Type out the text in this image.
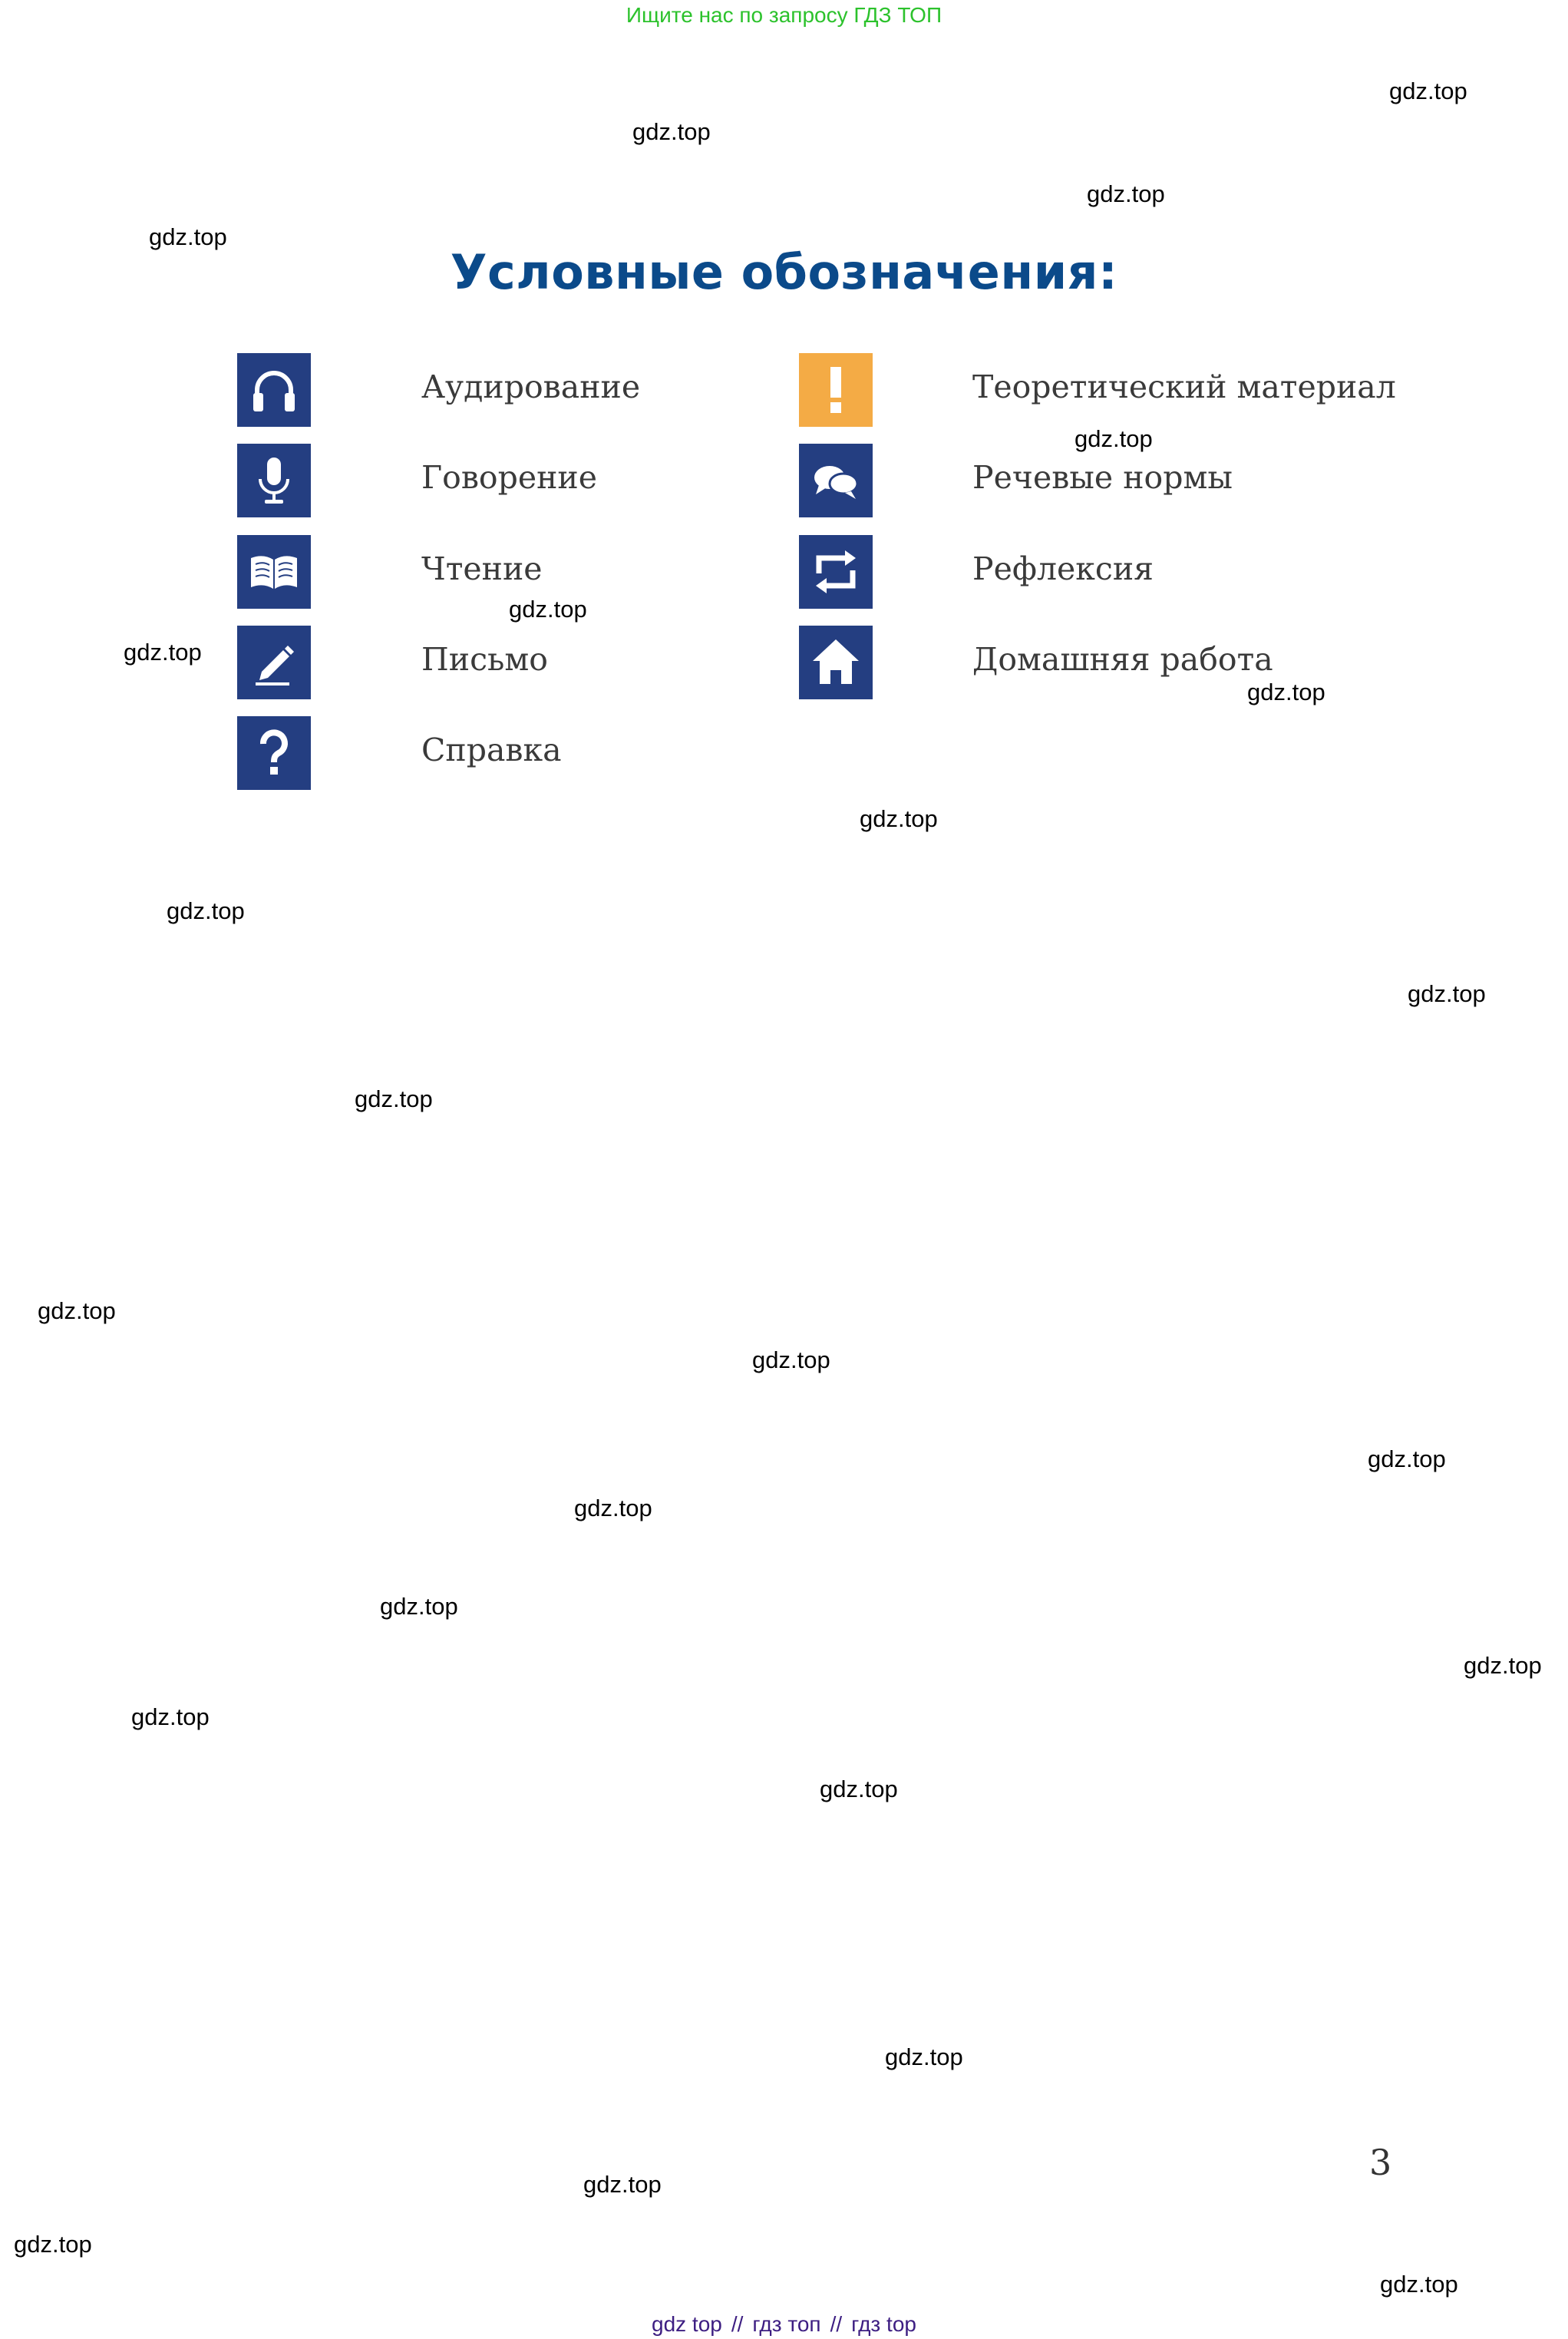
Ищите нас по запросу ГДЗ ТОП
Условные обозначения:
Аудирование
Говорение
Чтение
Письмо
Справка
Теоретический материал
Речевые нормы
Рефлексия
Домашняя работа
gdz.top
gdz.top
gdz.top
gdz.top
gdz.top
gdz.top
gdz.top
gdz.top
gdz.top
gdz.top
gdz.top
gdz.top
gdz.top
gdz.top
gdz.top
gdz.top
gdz.top
gdz.top
gdz.top
gdz.top
gdz.top
gdz.top
gdz.top
gdz.top
3
gdz top // гдз топ // гдз top
